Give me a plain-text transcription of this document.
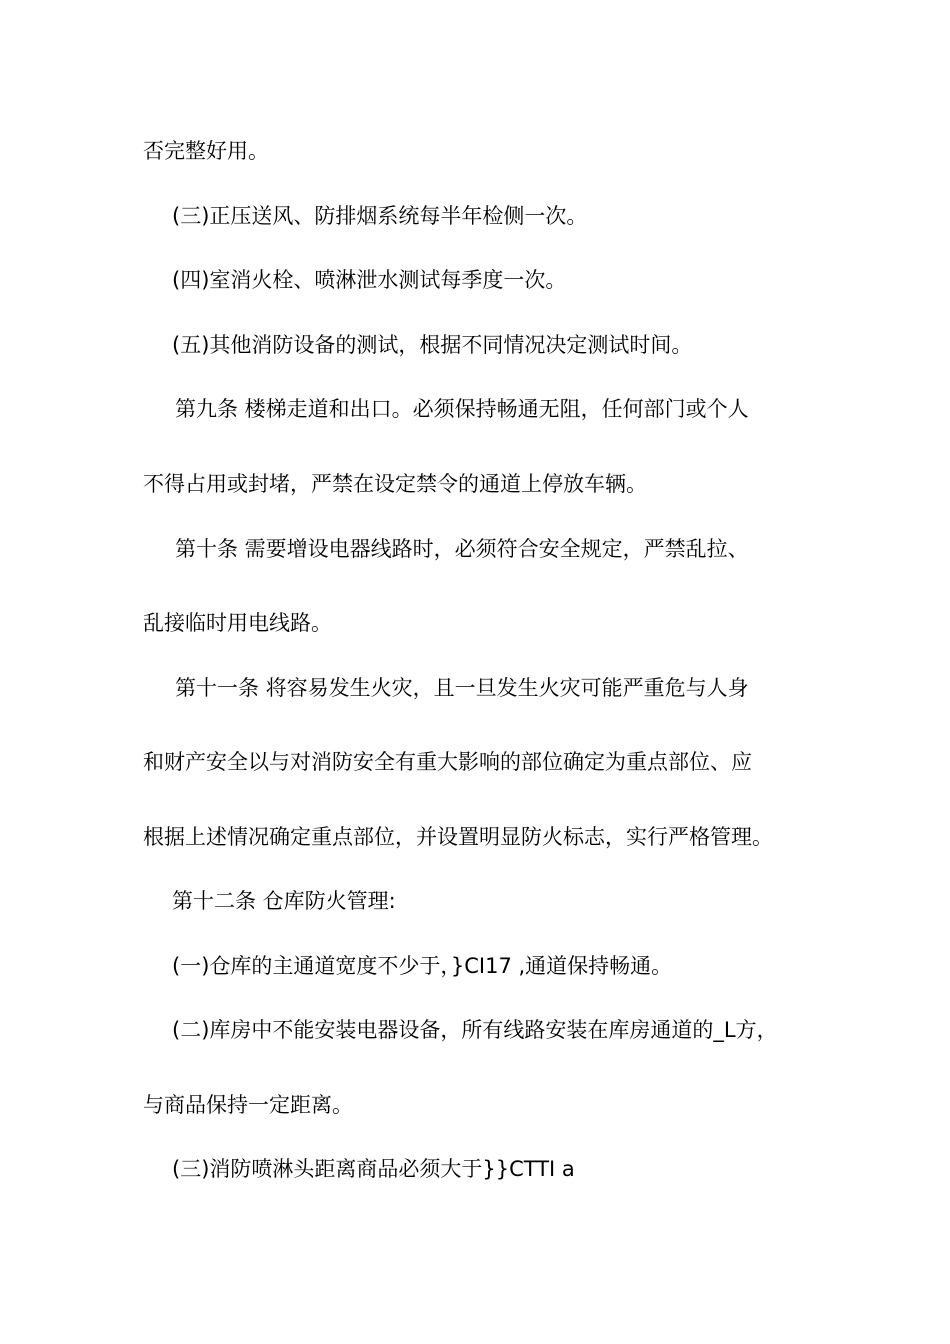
否完整好用。
(三)正压送风、防排烟系统每半年检侧一次。
(四)室消火栓、喷淋泄水测试每季度一次。
(五)其他消防设备的测试，根据不同情况决定测试时间。
第九条 楼梯走道和出口。必须保持畅通无阻，任何部门或个人
不得占用或封堵，严禁在设定禁令的通道上停放车辆。
第十条 需要增设电器线路时，必须符合安全规定，严禁乱拉、
乱接临时用电线路。
第十一条 将容易发生火灾，且一旦发生火灾可能严重危与人身
和财产安全以与对消防安全有重大影响的部位确定为重点部位、应
根据上述情况确定重点部位，并设置明显防火标志，实行严格管理。
第十二条 仓库防火管理:
(一)仓库的主通道宽度不少于，}CI17 ,通道保持畅通。
(二)库房中不能安装电器设备，所有线路安装在库房通道的_L方，
与商品保持一定距离。
(三)消防喷淋头距离商品必须大于}}CTTI a
